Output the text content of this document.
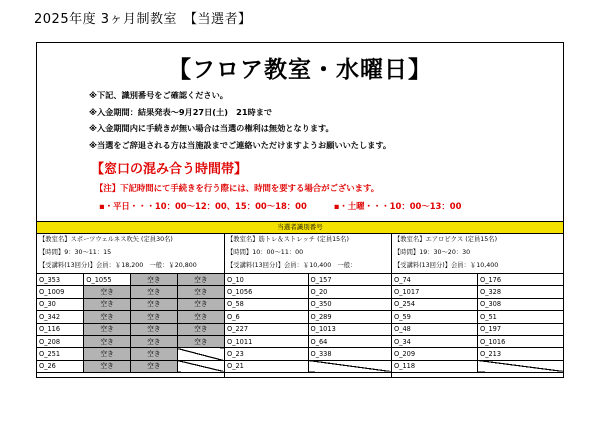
2025年度 3ヶ月制教室　【当選者】
【フロア教室・水曜日】
※下記、識別番号をご確認ください。
※入金期間：結果発表～9月27日(土)　21時まで
※入金期間内に手続きが無い場合は当選の権利は無効となります。
※当選をご辞退される方は当施設までご連絡いただけますようお願いいたします。
【窓口の混み合う時間帯】
【注】下記時間にて手続きを行う際には、時間を要する場合がございます。
▪・平日・・・10：00～12：00、15：00～18：00	▪・土曜・・・10：00～13：00
当選者識別番号
【教室名】スポーツウェルネス吹矢 (定員30名)
【時間】9：30～11：15
【受講料(13回分)】会員：￥18,200　一般：￥20,800
O_353	O_1055	空き	空き
O_1009	空き	空き	空き
O_30	空き	空き	空き
O_342	空き	空き	空き
O_116	空き	空き	空き
O_208	空き	空き	空き
O_251	空き	空き	
O_26	空き	空き	
【教室名】筋トレ＆ストレッチ (定員15名)
【時間】10：00～11：00
【受講料(13回分)】会員：￥10,400　一般：
O_10	O_157
O_1056	O_20
O_58	O_350
O_6	O_289
O_227	O_1013
O_1011	O_64
O_23	O_338
O_21	
【教室名】エアロビクス (定員15名)
【時間】19：30～20：30
【受講料(13回分)】会員：￥10,400
O_74	O_176
O_1017	O_328
O_254	O_308
O_59	O_51
O_48	O_197
O_34	O_1016
O_209	O_213
O_118	
